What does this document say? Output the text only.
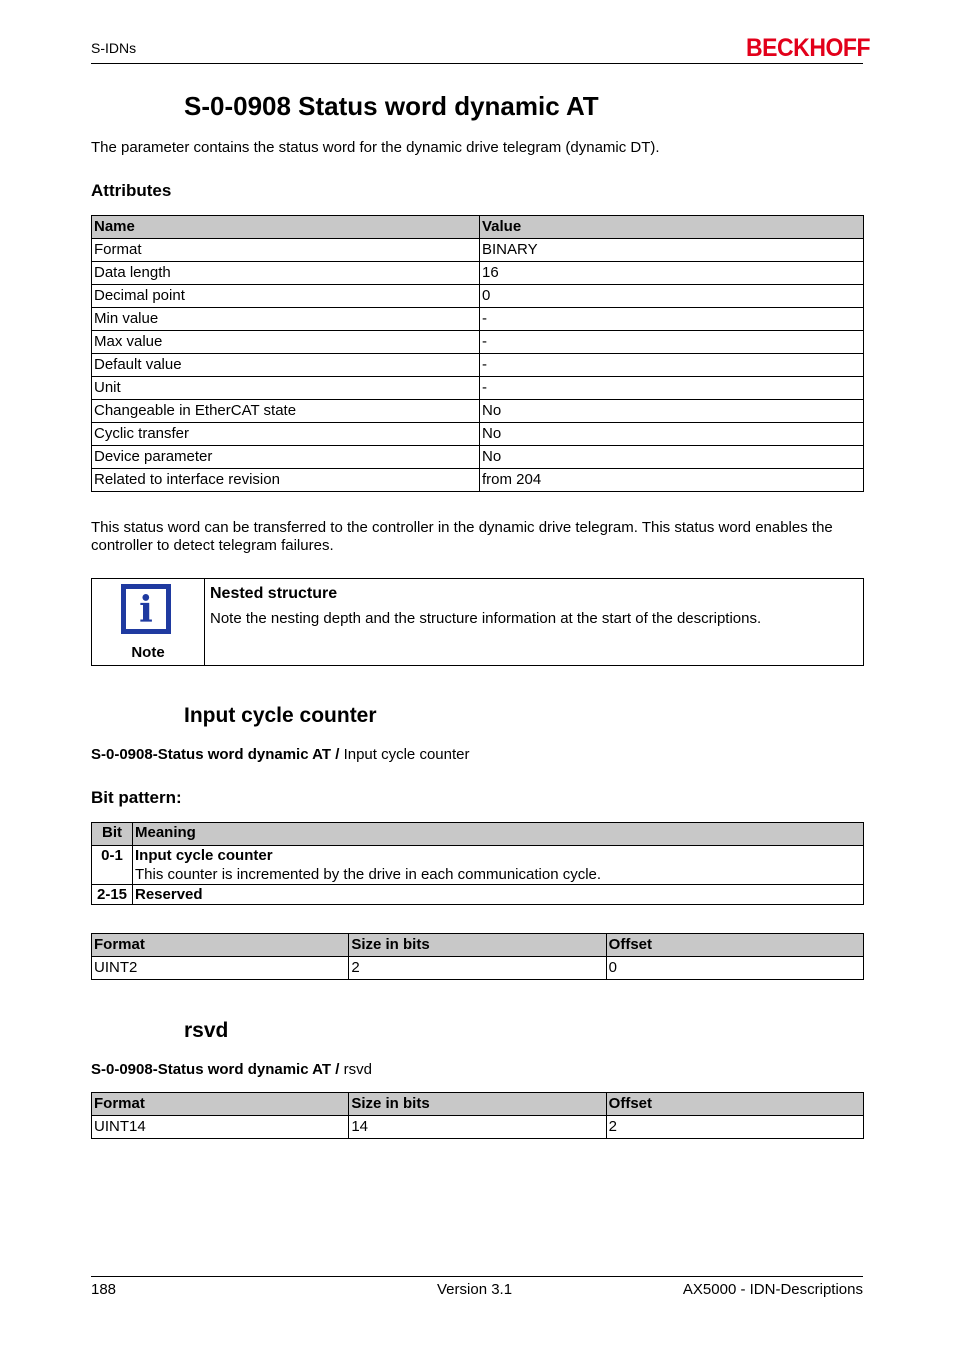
S-IDNs	BECKHOFF
S-0-0908 Status word dynamic AT
The parameter contains the status word for the dynamic drive telegram (dynamic DT).
Attributes
Name	Value
Format	BINARY
Data length	16
Decimal point	0
Min value	-
Max value	-
Default value	-
Unit	-
Changeable in EtherCAT state	No
Cyclic transfer	No
Device parameter	No
Related to interface revision	from 204
This status word can be transferred to the controller in the dynamic drive telegram. This status word enables the controller to detect telegram failures.
i
Note
Nested structure
Note the nesting depth and the structure information at the start of the descriptions.
Input cycle counter
S-0-0908-Status word dynamic AT / Input cycle counter
Bit pattern:
Bit	Meaning
0-1	Input cycle counter
This counter is incremented by the drive in each communication cycle.

2-15	Reserved
Format	Size in bits	Offset
UINT2	2	0
rsvd
S-0-0908-Status word dynamic AT / rsvd
Format	Size in bits	Offset
UINT14	14	2
188	Version 3.1	AX5000 - IDN-Descriptions
